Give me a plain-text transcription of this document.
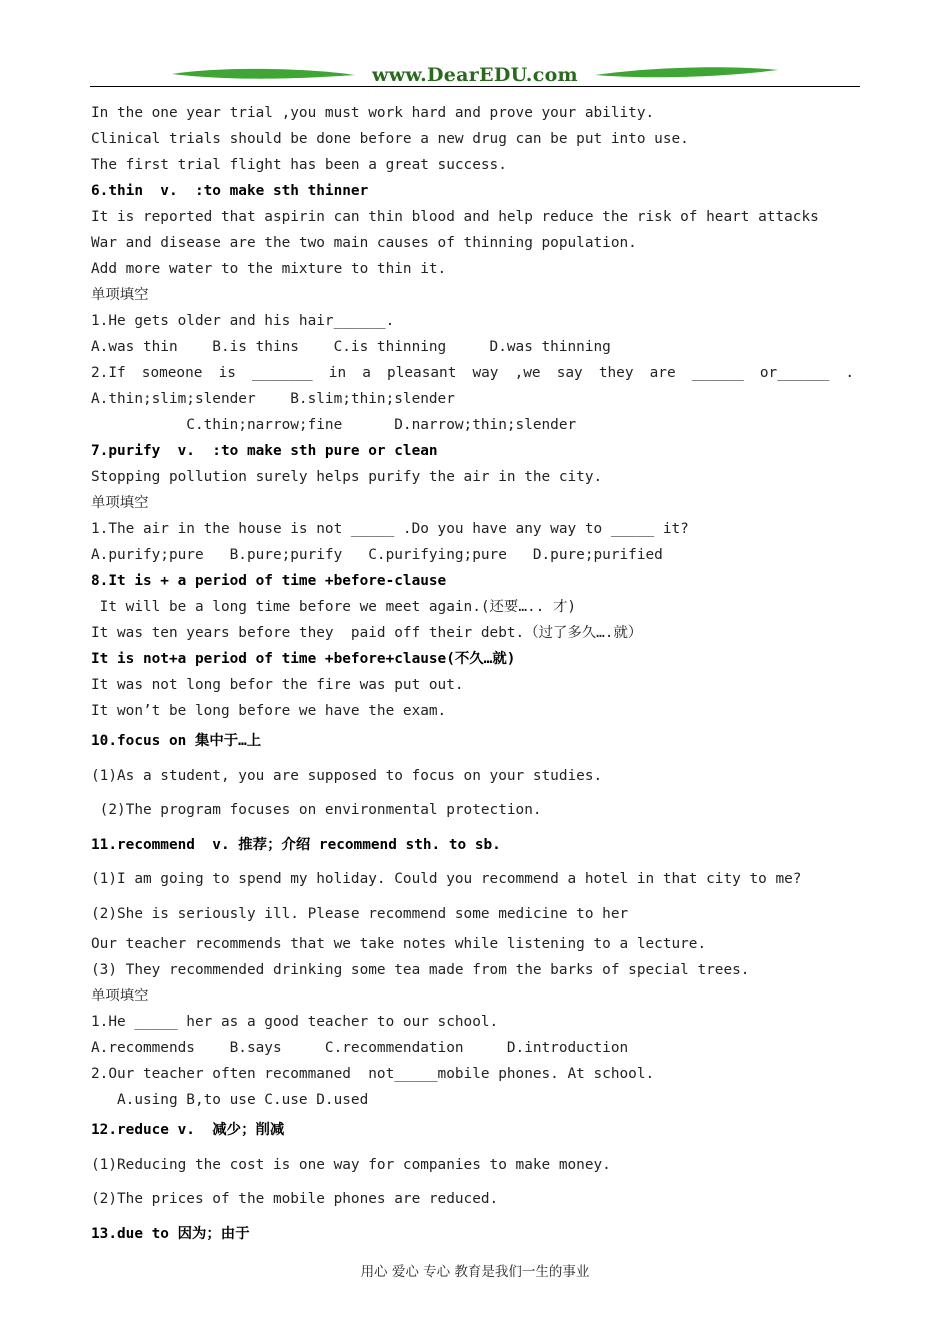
www.DearEDU.com
In the one year trial ,you must work hard and prove your ability.
Clinical trials should be done before a new drug can be put into use.
The first trial flight has been a great success.
6.thin  v.  :to make sth thinner
It is reported that aspirin can thin blood and help reduce the risk of heart attacks
War and disease are the two main causes of thinning population.
Add more water to the mixture to thin it.
单项填空
1.He gets older and his hair______.
A.was thin    B.is thins    C.is thinning     D.was thinning
2.If someone is _______ in a pleasant way ,we say they are ______ or______ .
A.thin;slim;slender    B.slim;thin;slender
C.thin;narrow;fine      D.narrow;thin;slender
7.purify  v.  :to make sth pure or clean
Stopping pollution surely helps purify the air in the city.
单项填空
1.The air in the house is not _____ .Do you have any way to _____ it?
A.purify;pure   B.pure;purify   C.purifying;pure   D.pure;purified
8.It is + a period of time +before-clause
It will be a long time before we meet again.(还要….. 才)
It was ten years before they  paid off their debt.（过了多久….就）
It is not+a period of time +before+clause(不久…就)
It was not long befor the fire was put out.
It won’t be long before we have the exam.
10.focus on 集中于…上
(1)As a student, you are supposed to focus on your studies.
(2)The program focuses on environmental protection.
11.recommend  v. 推荐；介绍 recommend sth. to sb.
(1)I am going to spend my holiday. Could you recommend a hotel in that city to me?
(2)She is seriously ill. Please recommend some medicine to her
Our teacher recommends that we take notes while listening to a lecture.
(3) They recommended drinking some tea made from the barks of special trees.
单项填空
1.He _____ her as a good teacher to our school.
A.recommends    B.says     C.recommendation     D.introduction
2.Our teacher often recommaned  not_____mobile phones. At school.
A.using B,to use C.use D.used
12.reduce v.  减少；削减
(1)Reducing the cost is one way for companies to make money.
(2)The prices of the mobile phones are reduced.
13.due to 因为；由于
用心 爱心 专心 教育是我们一生的事业
